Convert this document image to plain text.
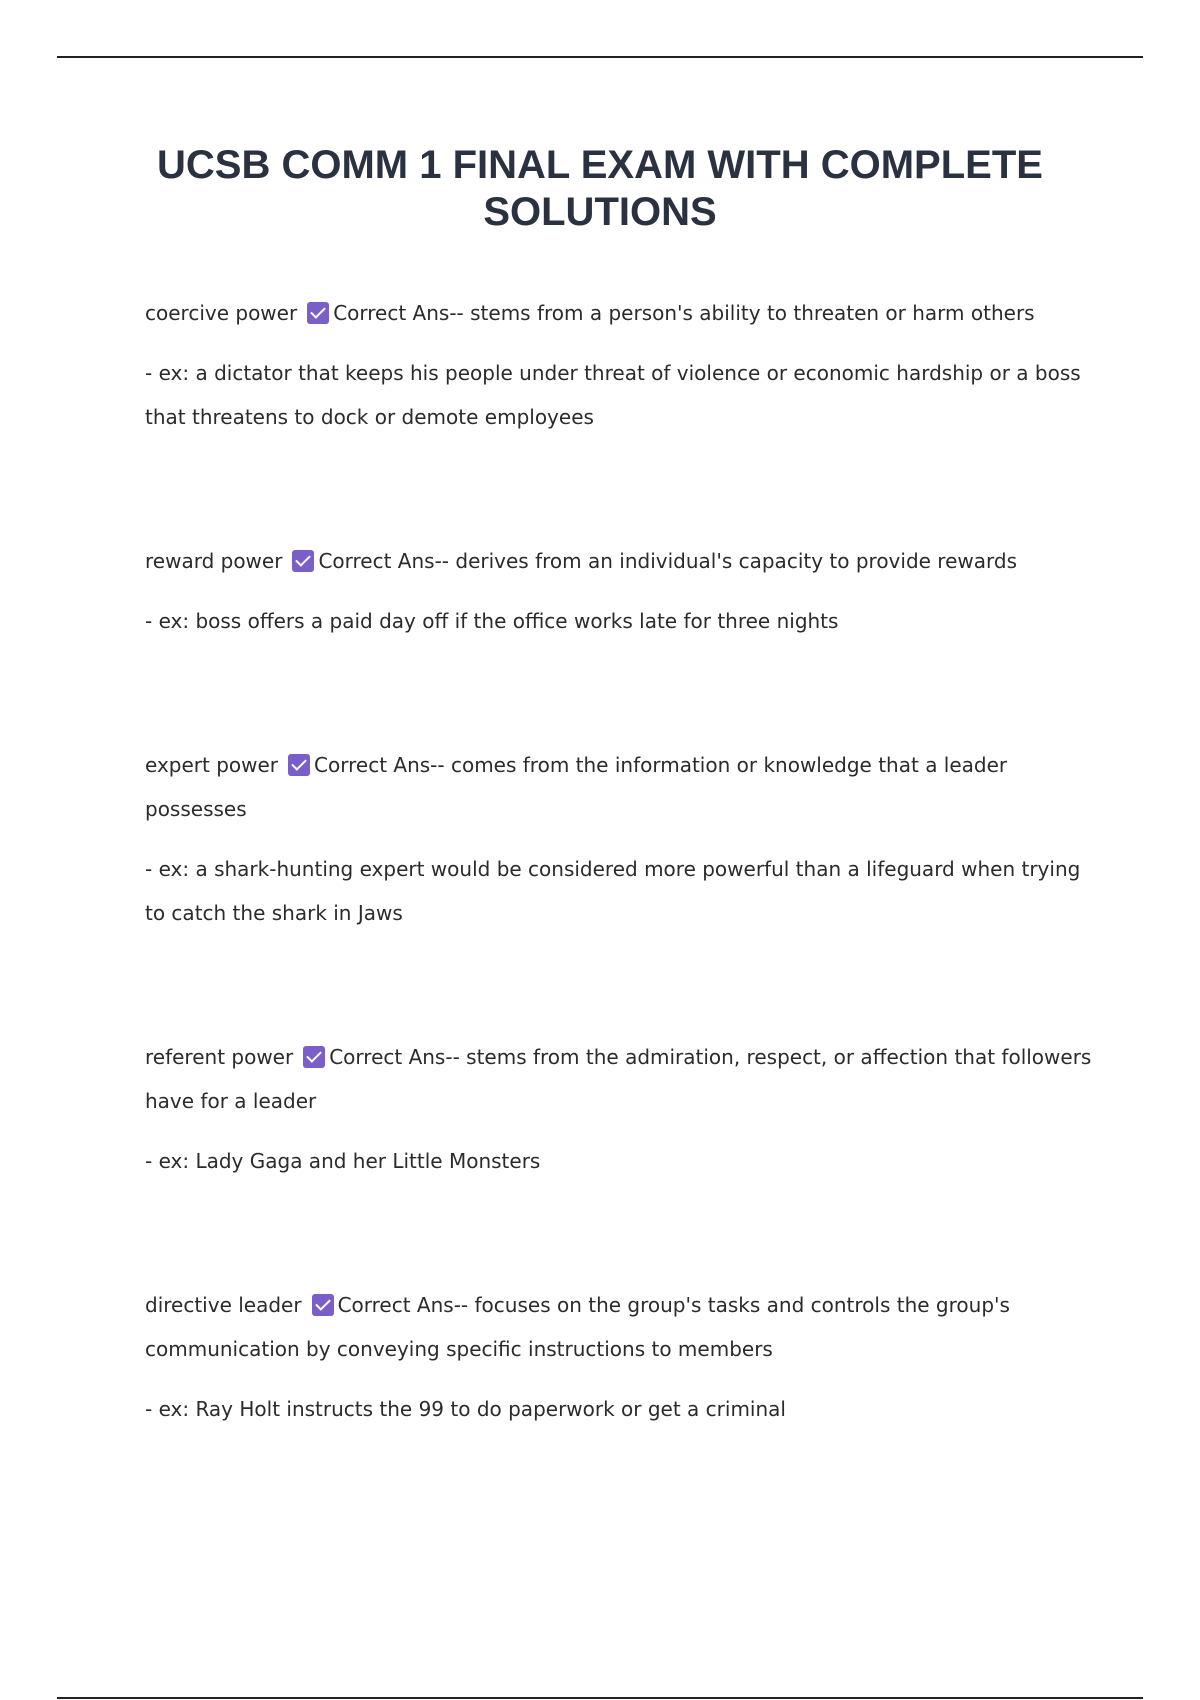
UCSB COMM 1 FINAL EXAM WITH COMPLETE
SOLUTIONS

coercive power Correct Ans-- stems from a person's ability to threaten or harm others

- ex: a dictator that keeps his people under threat of violence or economic hardship or a boss that threatens to dock or demote employees

reward power Correct Ans-- derives from an individual's capacity to provide rewards

- ex: boss offers a paid day off if the office works late for three nights

expert power Correct Ans-- comes from the information or knowledge that a leader possesses

- ex: a shark-hunting expert would be considered more powerful than a lifeguard when trying to catch the shark in Jaws

referent power Correct Ans-- stems from the admiration, respect, or affection that followers have for a leader

- ex: Lady Gaga and her Little Monsters

directive leader Correct Ans-- focuses on the group's tasks and controls the group's communication by conveying specific instructions to members

- ex: Ray Holt instructs the 99 to do paperwork or get a criminal
